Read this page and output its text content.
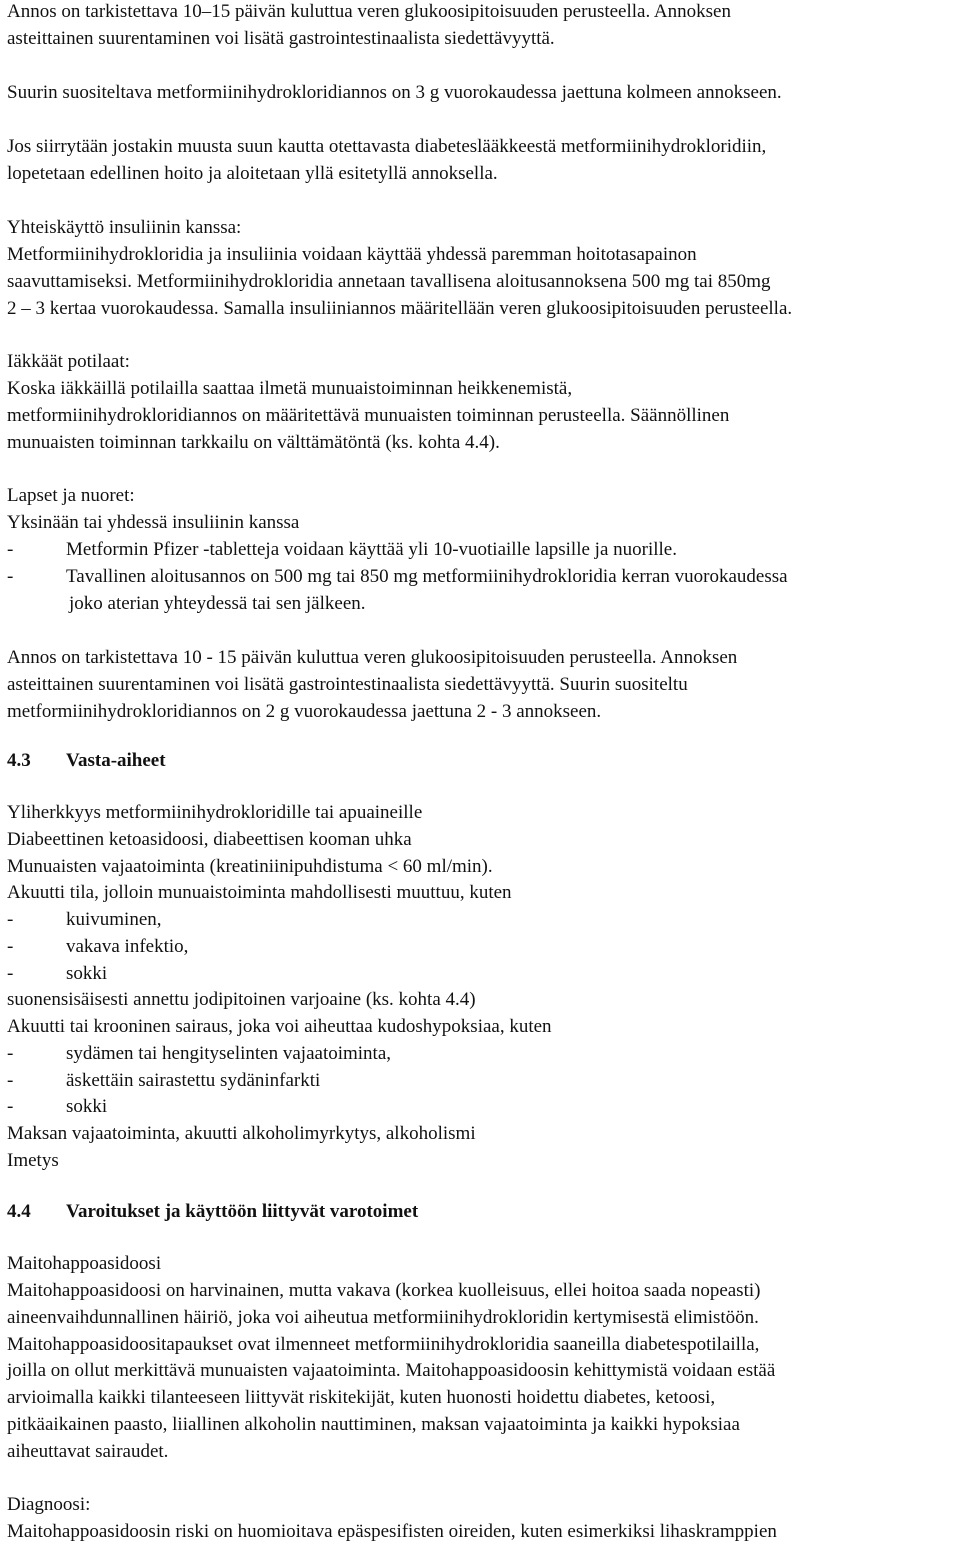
Annos on tarkistettava 10–15 päivän kuluttua veren glukoosipitoisuuden perusteella. Annoksen
asteittainen suurentaminen voi lisätä gastrointestinaalista siedettävyyttä.
Suurin suositeltava metformiinihydrokloridiannos on 3 g vuorokaudessa jaettuna kolmeen annokseen.
Jos siirrytään jostakin muusta suun kautta otettavasta diabeteslääkkeestä metformiinihydrokloridiin,
lopetetaan edellinen hoito ja aloitetaan yllä esitetyllä annoksella.
Yhteiskäyttö insuliinin kanssa:
Metformiinihydrokloridia ja insuliinia voidaan käyttää yhdessä paremman hoitotasapainon
saavuttamiseksi. Metformiinihydrokloridia annetaan tavallisena aloitusannoksena 500 mg tai 850mg
2 – 3 kertaa vuorokaudessa. Samalla insuliiniannos määritellään veren glukoosipitoisuuden perusteella.
Iäkkäät potilaat:
Koska iäkkäillä potilailla saattaa ilmetä munuaistoiminnan heikkenemistä,
metformiinihydrokloridiannos on määritettävä munuaisten toiminnan perusteella. Säännöllinen
munuaisten toiminnan tarkkailu on välttämätöntä (ks. kohta 4.4).
Lapset ja nuoret:
Yksinään tai yhdessä insuliinin kanssa
-	Metformin Pfizer -tabletteja voidaan käyttää yli 10-vuotiaille lapsille ja nuorille.
-	Tavallinen aloitusannos on 500 mg tai 850 mg metformiinihydrokloridia kerran vuorokaudessa
joko aterian yhteydessä tai sen jälkeen.
Annos on tarkistettava 10 - 15 päivän kuluttua veren glukoosipitoisuuden perusteella. Annoksen
asteittainen suurentaminen voi lisätä gastrointestinaalista siedettävyyttä. Suurin suositeltu
metformiinihydrokloridiannos on 2 g vuorokaudessa jaettuna 2 - 3 annokseen.
4.3 Vasta-aiheet
Yliherkkyys metformiinihydrokloridille tai apuaineille
Diabeettinen ketoasidoosi, diabeettisen kooman uhka
Munuaisten vajaatoiminta (kreatiniinipuhdistuma < 60 ml/min).
Akuutti tila, jolloin munuaistoiminta mahdollisesti muuttuu, kuten
-	kuivuminen,
-	vakava infektio,
-	sokki
suonensisäisesti annettu jodipitoinen varjoaine (ks. kohta 4.4)
Akuutti tai krooninen sairaus, joka voi aiheuttaa kudoshypoksiaa, kuten
-	sydämen tai hengityselinten vajaatoiminta,
-	äskettäin sairastettu sydäninfarkti
-	sokki
Maksan vajaatoiminta, akuutti alkoholimyrkytys, alkoholismi
Imetys
4.4 Varoitukset ja käyttöön liittyvät varotoimet
Maitohappoasidoosi
Maitohappoasidoosi on harvinainen, mutta vakava (korkea kuolleisuus, ellei hoitoa saada nopeasti)
aineenvaihdunnallinen häiriö, joka voi aiheutua metformiinihydrokloridin kertymisestä elimistöön.
Maitohappoasidoositapaukset ovat ilmenneet metformiinihydrokloridia saaneilla diabetespotilailla,
joilla on ollut merkittävä munuaisten vajaatoiminta. Maitohappoasidoosin kehittymistä voidaan estää
arvioimalla kaikki tilanteeseen liittyvät riskitekijät, kuten huonosti hoidettu diabetes, ketoosi,
pitkäaikainen paasto, liiallinen alkoholin nauttiminen, maksan vajaatoiminta ja kaikki hypoksiaa
aiheuttavat sairaudet.
Diagnoosi:
Maitohappoasidoosin riski on huomioitava epäspesifisten oireiden, kuten esimerkiksi lihaskramppien
